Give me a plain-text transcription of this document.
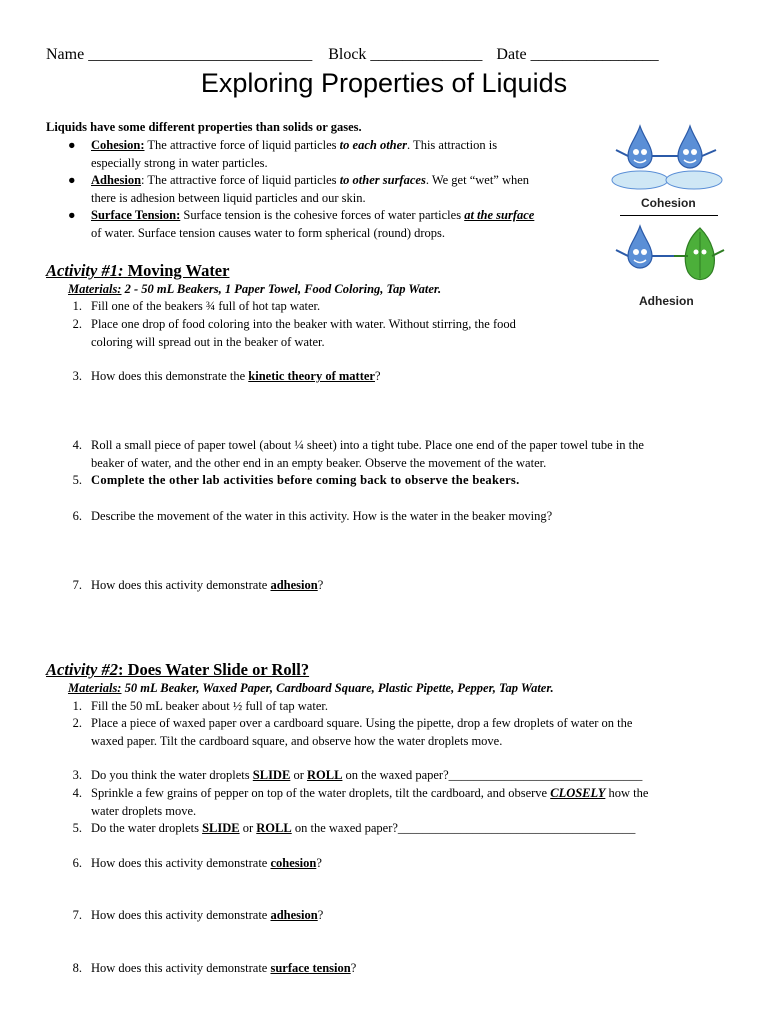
Name ____________________________ Block ______________ Date ________________
Exploring Properties of Liquids
Liquids have some different properties than solids or gases.
●	Cohesion: The attractive force of liquid particles to each other. This attraction is
especially strong in water particles.
●	Adhesion: The attractive force of liquid particles to other surfaces. We get “wet” when
there is adhesion between liquid particles and our skin.
●	Surface Tension: Surface tension is the cohesive forces of water particles at the surface
of water. Surface tension causes water to form spherical (round) drops.
Cohesion
Adhesion
Activity #1: Moving Water
Materials: 2 - 50 mL Beakers, 1 Paper Towel, Food Coloring, Tap Water.
1. Fill one of the beakers ¾ full of hot tap water.
2. Place one drop of food coloring into the beaker with water. Without stirring, the food
coloring will spread out in the beaker of water.
3. How does this demonstrate the kinetic theory of matter?
4. Roll a small piece of paper towel (about ¼ sheet) into a tight tube. Place one end of the paper towel tube in the
beaker of water, and the other end in an empty beaker. Observe the movement of the water.
5. Complete the other lab activities before coming back to observe the beakers.
6. Describe the movement of the water in this activity. How is the water in the beaker moving?
7. How does this activity demonstrate adhesion?
Activity #2: Does Water Slide or Roll?
Materials: 50 mL Beaker, Waxed Paper, Cardboard Square, Plastic Pipette, Pepper, Tap Water.
1. Fill the 50 mL beaker about ½ full of tap water.
2. Place a piece of waxed paper over a cardboard square. Using the pipette, drop a few droplets of water on the
waxed paper. Tilt the cardboard square, and observe how the water droplets move.
3. Do you think the water droplets SLIDE or ROLL on the waxed paper?_______________________________
4. Sprinkle a few grains of pepper on top of the water droplets, tilt the cardboard, and observe CLOSELY how the
water droplets move.
5. Do the water droplets SLIDE or ROLL on the waxed paper?______________________________________
6. How does this activity demonstrate cohesion?
7. How does this activity demonstrate adhesion?
8. How does this activity demonstrate surface tension?
